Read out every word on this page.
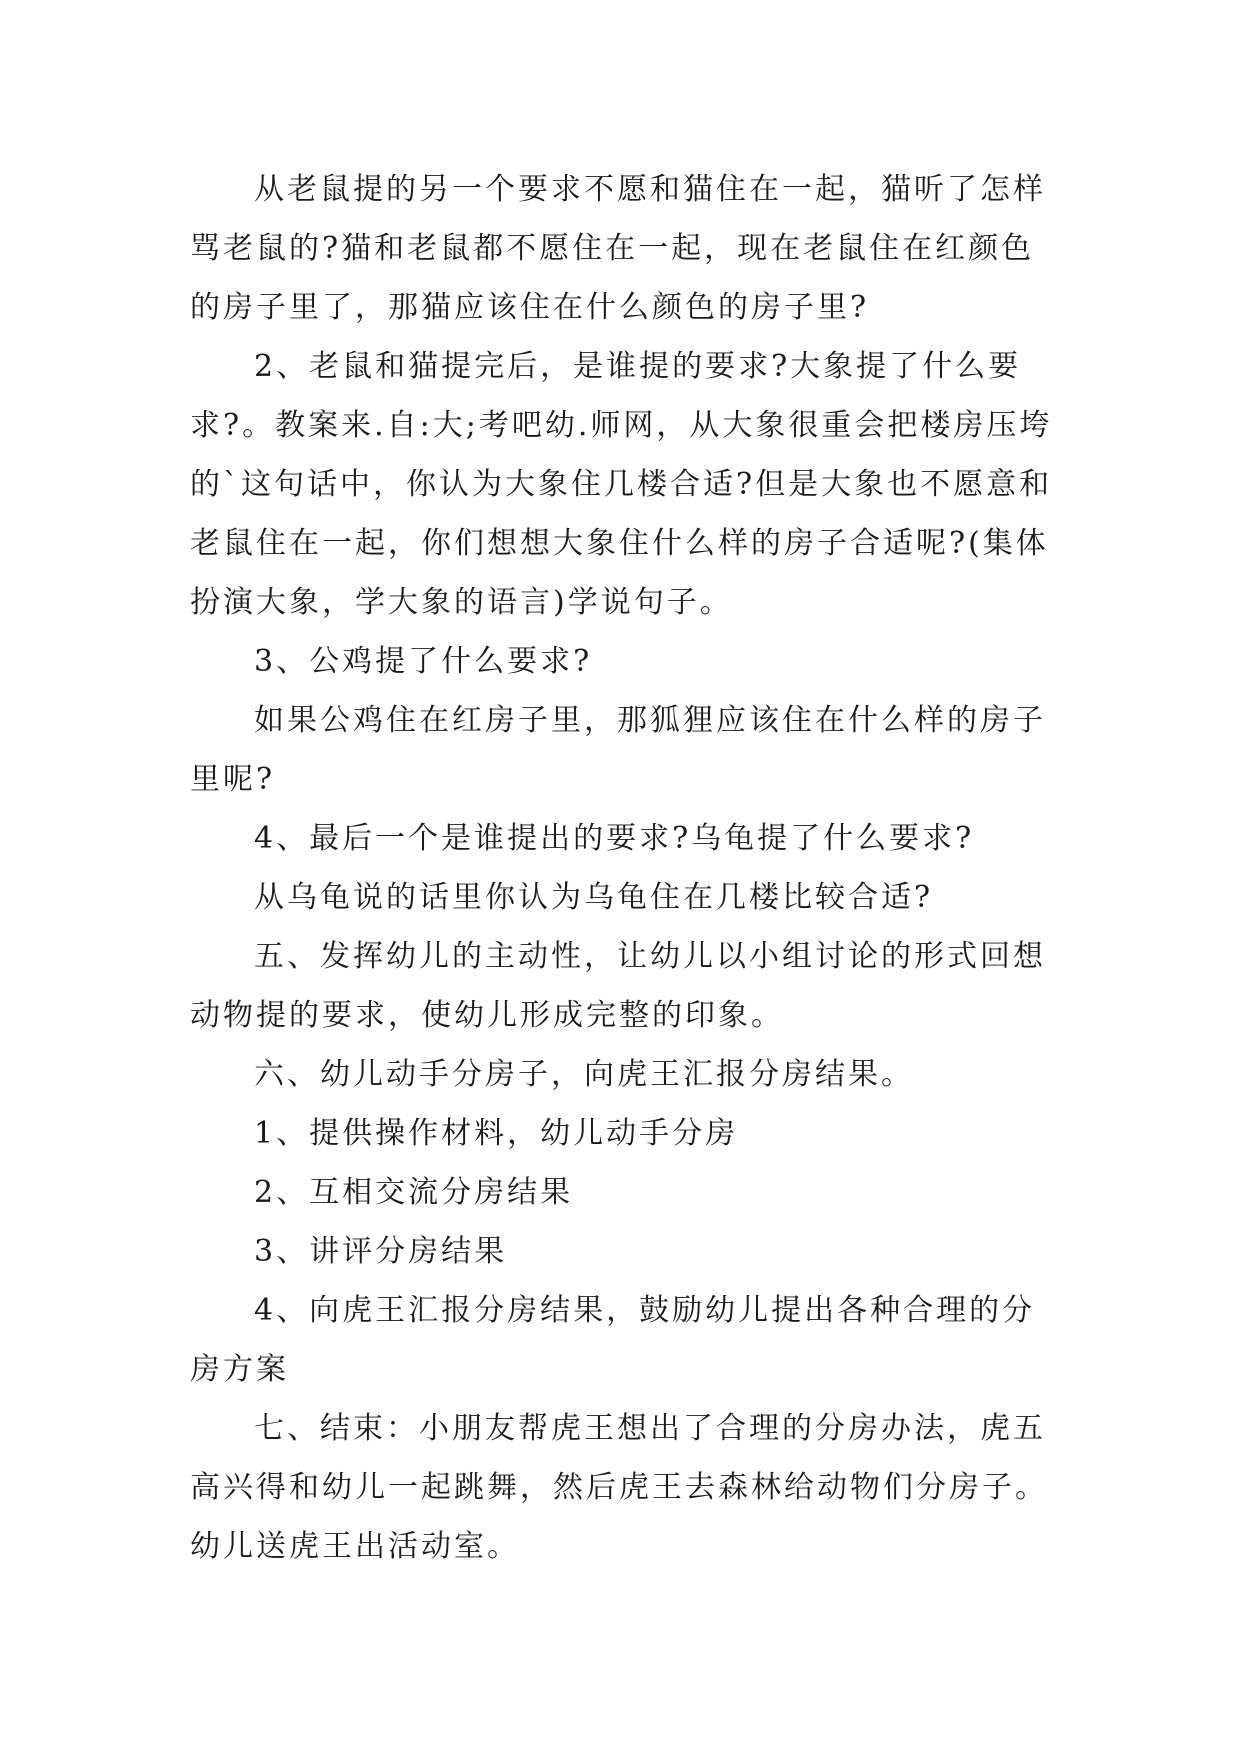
从老鼠提的另一个要求不愿和猫住在一起，猫听了怎样骂老鼠的?猫和老鼠都不愿住在一起，现在老鼠住在红颜色的房子里了，那猫应该住在什么颜色的房子里?

2、老鼠和猫提完后，是谁提的要求?大象提了什么要求?。教案来.自:大;考吧幼.师网，从大象很重会把楼房压垮的`这句话中，你认为大象住几楼合适?但是大象也不愿意和老鼠住在一起，你们想想大象住什么样的房子合适呢?(集体扮演大象，学大象的语言)学说句子。

3、公鸡提了什么要求?

如果公鸡住在红房子里，那狐狸应该住在什么样的房子里呢?

4、最后一个是谁提出的要求?乌龟提了什么要求?

从乌龟说的话里你认为乌龟住在几楼比较合适?

五、发挥幼儿的主动性，让幼儿以小组讨论的形式回想动物提的要求，使幼儿形成完整的印象。

六、幼儿动手分房子，向虎王汇报分房结果。

1、提供操作材料，幼儿动手分房

2、互相交流分房结果

3、讲评分房结果

4、向虎王汇报分房结果，鼓励幼儿提出各种合理的分房方案

七、结束：小朋友帮虎王想出了合理的分房办法，虎五高兴得和幼儿一起跳舞，然后虎王去森林给动物们分房子。幼儿送虎王出活动室。
